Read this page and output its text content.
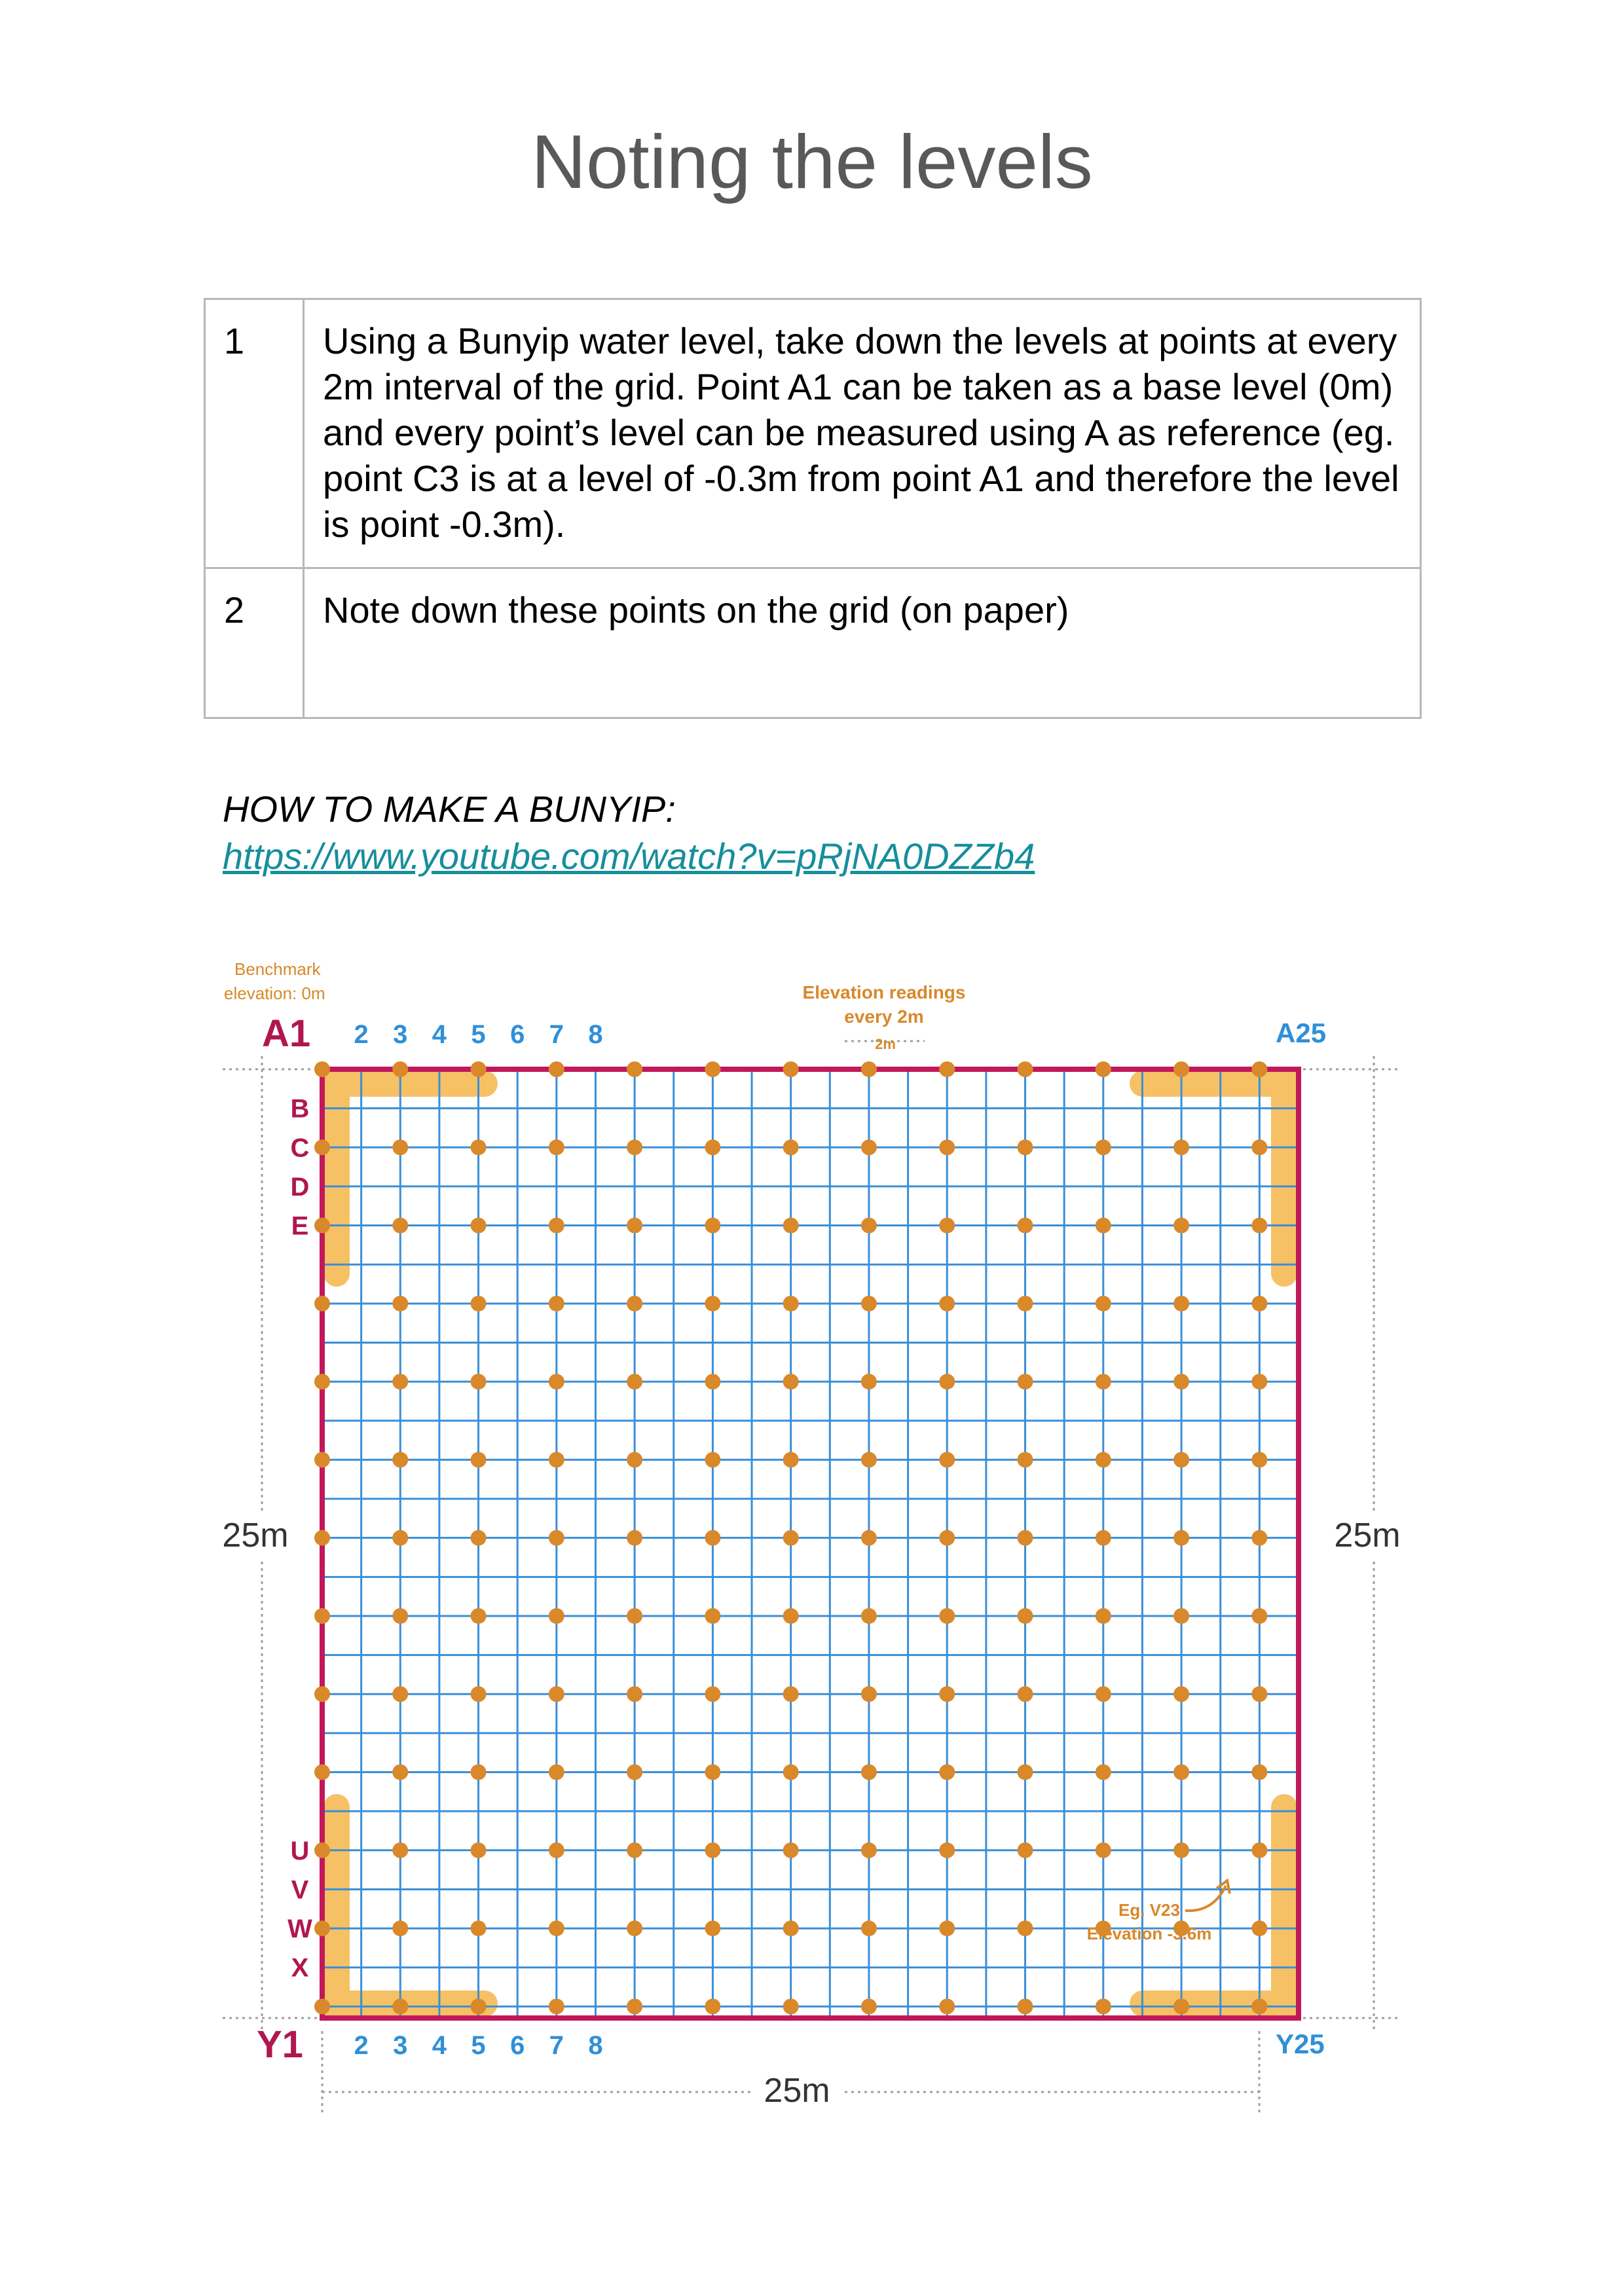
Noting the levels
1	Using a Bunyip water level, take down the levels at points at every 2m interval of the grid. Point A1 can be taken as a base level (0m) and every point’s level can be measured using A as reference (eg. point C3 is at a level of -0.3m from point A1 and therefore the level is point -0.3m).
2	Note down these points on the grid (on paper)
HOW TO MAKE A BUNYIP:
https://www.youtube.com/watch?v=pRjNA0DZZb4
Benchmark
elevation: 0m
A1	A25
Y1	Y25
2 3 4 5 6 7 8
2 3 4 5 6 7 8
B
C
D
E
U
V
W
X
Elevation readings
every 2m
2m
25m	25m
25m
Eg. V23
Elevation -3.6m
